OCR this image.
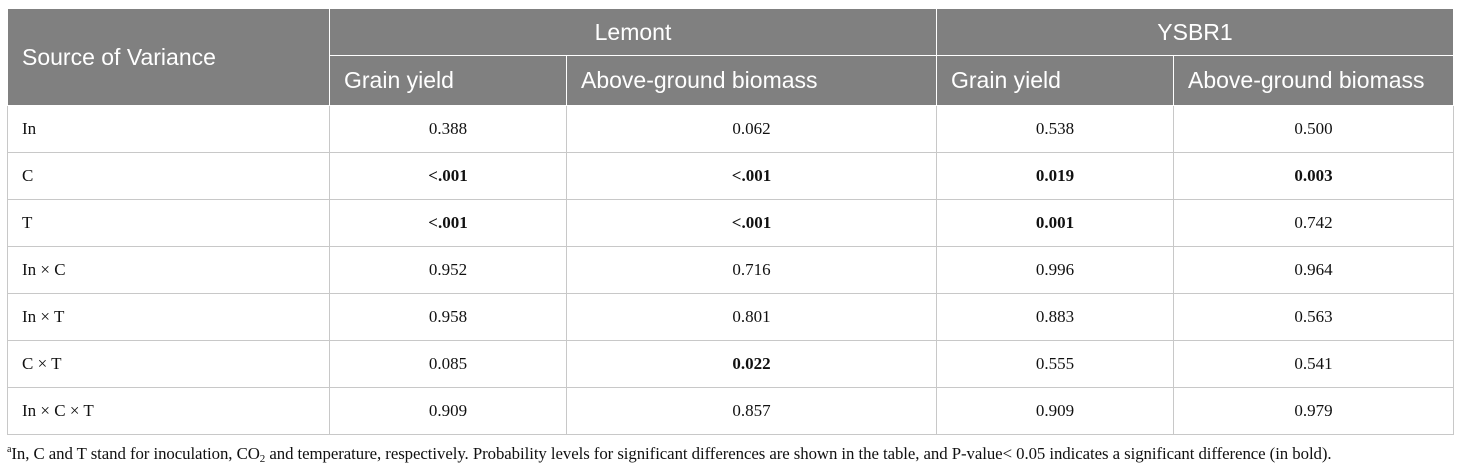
Source of Variance	Lemont		YSBR1	
	Grain yield	Above-ground biomass	Grain yield	Above-ground biomass
In	0.388	0.062	0.538	0.500
C	<.001	<.001	0.019	0.003
T	<.001	<.001	0.001	0.742
In × C	0.952	0.716	0.996	0.964
In × T	0.958	0.801	0.883	0.563
C × T	0.085	0.022	0.555	0.541
In × C × T	0.909	0.857	0.909	0.979
$^a$In, C and T stand for inoculation, $CO_2$ and temperature, respectively. Probability levels for significant differences are shown in the table, and P-value< 0.05 indicates a significant difference (in bold).
